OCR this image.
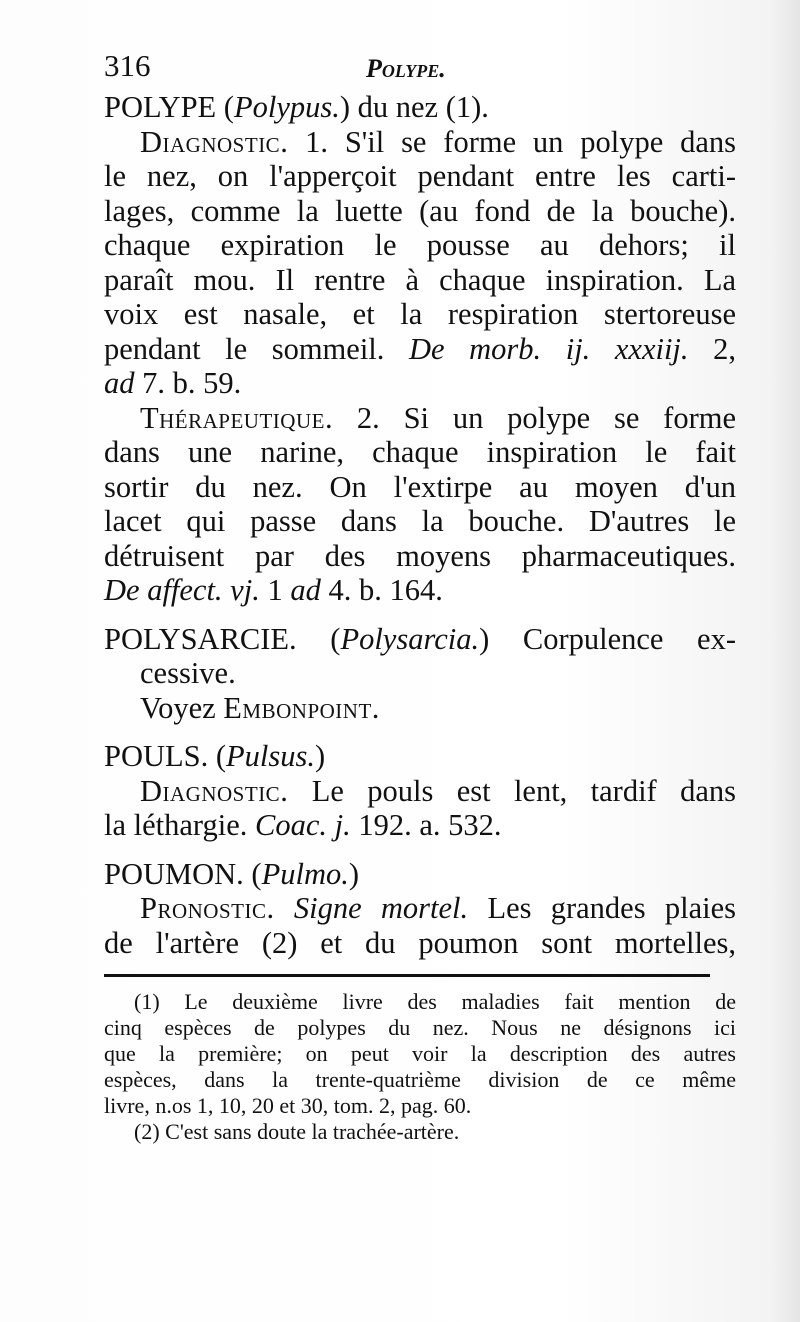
316	Polype.
POLYPE (Polypus.) du nez (1).
Diagnostic. 1. S'il se forme un polype dans
le nez, on l'apperçoit pendant entre les carti-
lages, comme la luette (au fond de la bouche).
chaque expiration le pousse au dehors; il
paraît mou. Il rentre à chaque inspiration. La
voix est nasale, et la respiration stertoreuse
pendant le sommeil. De morb. ij. xxxiij. 2,
ad 7. b. 59.
Thérapeutique. 2. Si un polype se forme
dans une narine, chaque inspiration le fait
sortir du nez. On l'extirpe au moyen d'un
lacet qui passe dans la bouche. D'autres le
détruisent par des moyens pharmaceutiques.
De affect. vj. 1 ad 4. b. 164.
POLYSARCIE. (Polysarcia.) Corpulence ex-
cessive.
Voyez Embonpoint.
POULS. (Pulsus.)
Diagnostic. Le pouls est lent, tardif dans
la léthargie. Coac. j. 192. a. 532.
POUMON. (Pulmo.)
Pronostic. Signe mortel. Les grandes plaies
de l'artère (2) et du poumon sont mortelles,
(1) Le deuxième livre des maladies fait mention de
cinq espèces de polypes du nez. Nous ne désignons ici
que la première; on peut voir la description des autres
espèces, dans la trente-quatrième division de ce même
livre, n.os 1, 10, 20 et 30, tom. 2, pag. 60.
(2) C'est sans doute la trachée-artère.
